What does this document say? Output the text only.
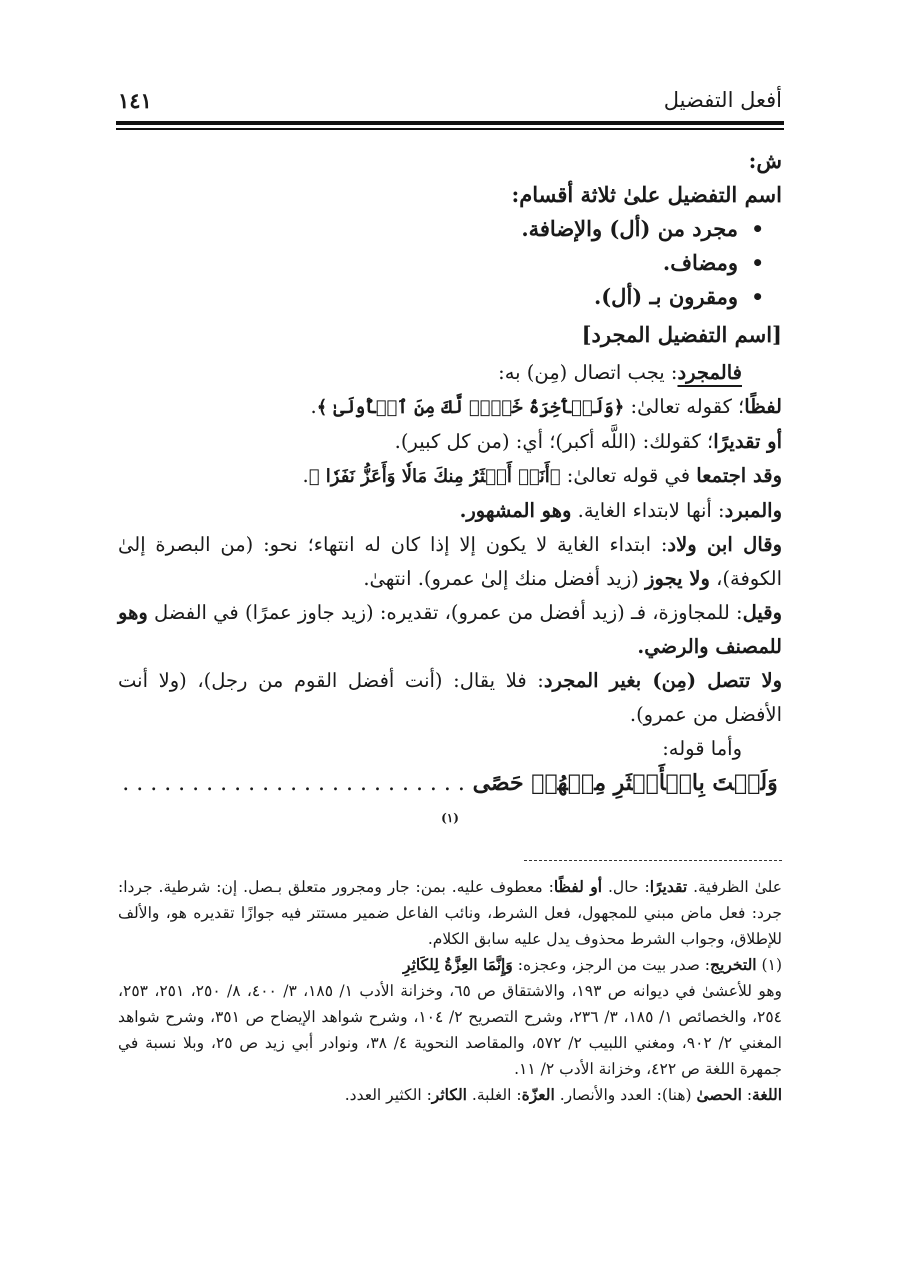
أفعل التفضيل
١٤١

ش:

اسم التفضيل علىٰ ثلاثة أقسام:

• مجرد من (أل) والإضافة.
• ومضاف.
• ومقرون بـ (أل).

[اسم التفضيل المجرد]

فالمجرد: يجب اتصال (مِن) به:

لفظًا؛ كقوله تعالىٰ: ﴿وَلَلۡأٓخِرَةُ خَيۡرٞ لَّكَ مِنَ ٱلۡأُولَىٰ ﴾.

أو تقديرًا؛ كقولك: (اللَّه أكبر)؛ أي: (من كل كبير).

وقد اجتمعا في قوله تعالىٰ: ﴿أَنَا۠ أَكۡثَرُ مِنكَ مَالٗا وَأَعَزُّ نَفَرٗا ﴾.

والمبرد: أنها لابتداء الغاية. وهو المشهور.

وقال ابن ولاد: ابتداء الغاية لا يكون إلا إذا كان له انتهاء؛ نحو: (من البصرة إلىٰ الكوفة)، ولا يجوز (زيد أفضل منك إلىٰ عمرو). انتهىٰ.

وقيل: للمجاوزة، فـ (زيد أفضل من عمرو)، تقديره: (زيد جاوز عمرًا) في الفضل وهو للمصنف والرضي.

ولا تتصل (مِن) بغير المجرد: فلا يقال: (أنت أفضل القوم من رجل)، (ولا أنت الأفضل من عمرو).

وأما قوله:

وَلَسۡتَ بِالۡأَكۡثَرِ مِنۡهُمۡ حَصًى . . . . . . . . . . . . . . . . . . . . . . . . .$^{(١)}$

علىٰ الظرفية. تقديرًا: حال. أو لفظًا: معطوف عليه. بمن: جار ومجرور متعلق بـصل. إن: شرطية. جردا: جرد: فعل ماض مبني للمجهول، فعل الشرط، ونائب الفاعل ضمير مستتر فيه جوازًا تقديره هو، والألف للإطلاق، وجواب الشرط محذوف يدل عليه سابق الكلام.

(١) التخريج: صدر بيت من الرجز، وعجزه: وَإِنَّمَا العِزَّةُ لِلكَاثِرِ

وهو للأعشىٰ في ديوانه ص ١٩٣، والاشتقاق ص ٦٥، وخزانة الأدب ١/ ١٨٥، ٣/ ٤٠٠، ٨/ ٢٥٠، ٢٥١، ٢٥٣، ٢٥٤، والخصائص ١/ ١٨٥، ٣/ ٢٣٦، وشرح التصريح ٢/ ١٠٤، وشرح شواهد الإيضاح ص ٣٥١، وشرح شواهد المغني ٢/ ٩٠٢، ومغني اللبيب ٢/ ٥٧٢، والمقاصد النحوية ٤/ ٣٨، ونوادر أبي زيد ص ٢٥، وبلا نسبة في جمهرة اللغة ص ٤٢٢، وخزانة الأدب ٢/ ١١.

اللغة: الحصىٰ (هنا): العدد والأنصار. العزّة: الغلبة. الكاثر: الكثير العدد.
